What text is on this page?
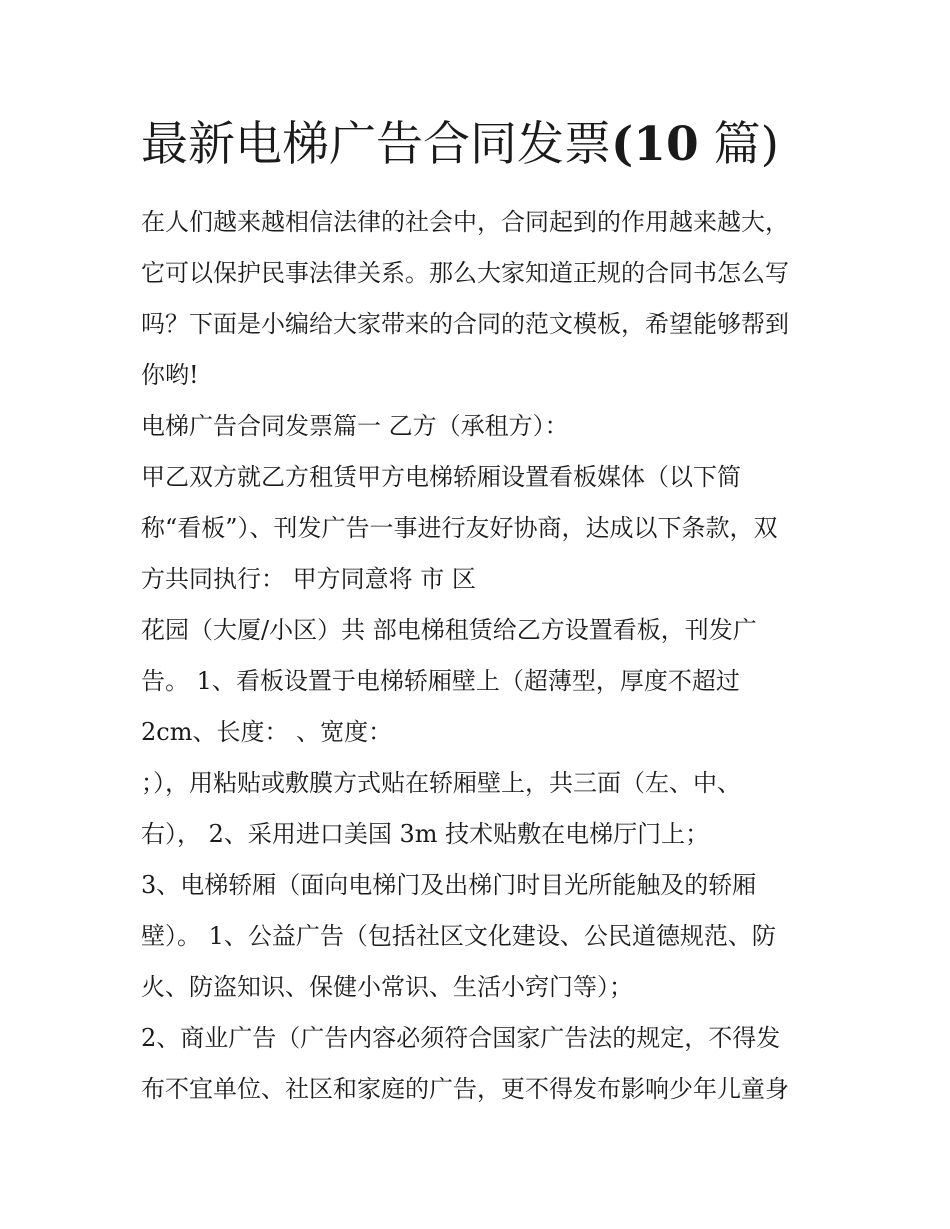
最新电梯广告合同发票(10 篇)
在人们越来越相信法律的社会中，合同起到的作用越来越大，
它可以保护民事法律关系。那么大家知道正规的合同书怎么写
吗？下面是小编给大家带来的合同的范文模板，希望能够帮到
你哟!
电梯广告合同发票篇一 乙方（承租方）：
甲乙双方就乙方租赁甲方电梯轿厢设置看板媒体（以下简
称“看板”）、刊发广告一事进行友好协商，达成以下条款，双
方共同执行： 甲方同意将 市 区
花园（大厦/小区）共 部电梯租赁给乙方设置看板，刊发广
告。 1、看板设置于电梯轿厢壁上（超薄型，厚度不超过
2cm、长度： 、宽度：
；），用粘贴或敷膜方式贴在轿厢壁上，共三面（左、中、
右）， 2、采用进口美国 3m 技术贴敷在电梯厅门上；
3、电梯轿厢（面向电梯门及出梯门时目光所能触及的轿厢
壁）。 1、公益广告（包括社区文化建设、公民道德规范、防
火、防盗知识、保健小常识、生活小窍门等）；
2、商业广告（广告内容必须符合国家广告法的规定，不得发
布不宜单位、社区和家庭的广告，更不得发布影响少年儿童身
